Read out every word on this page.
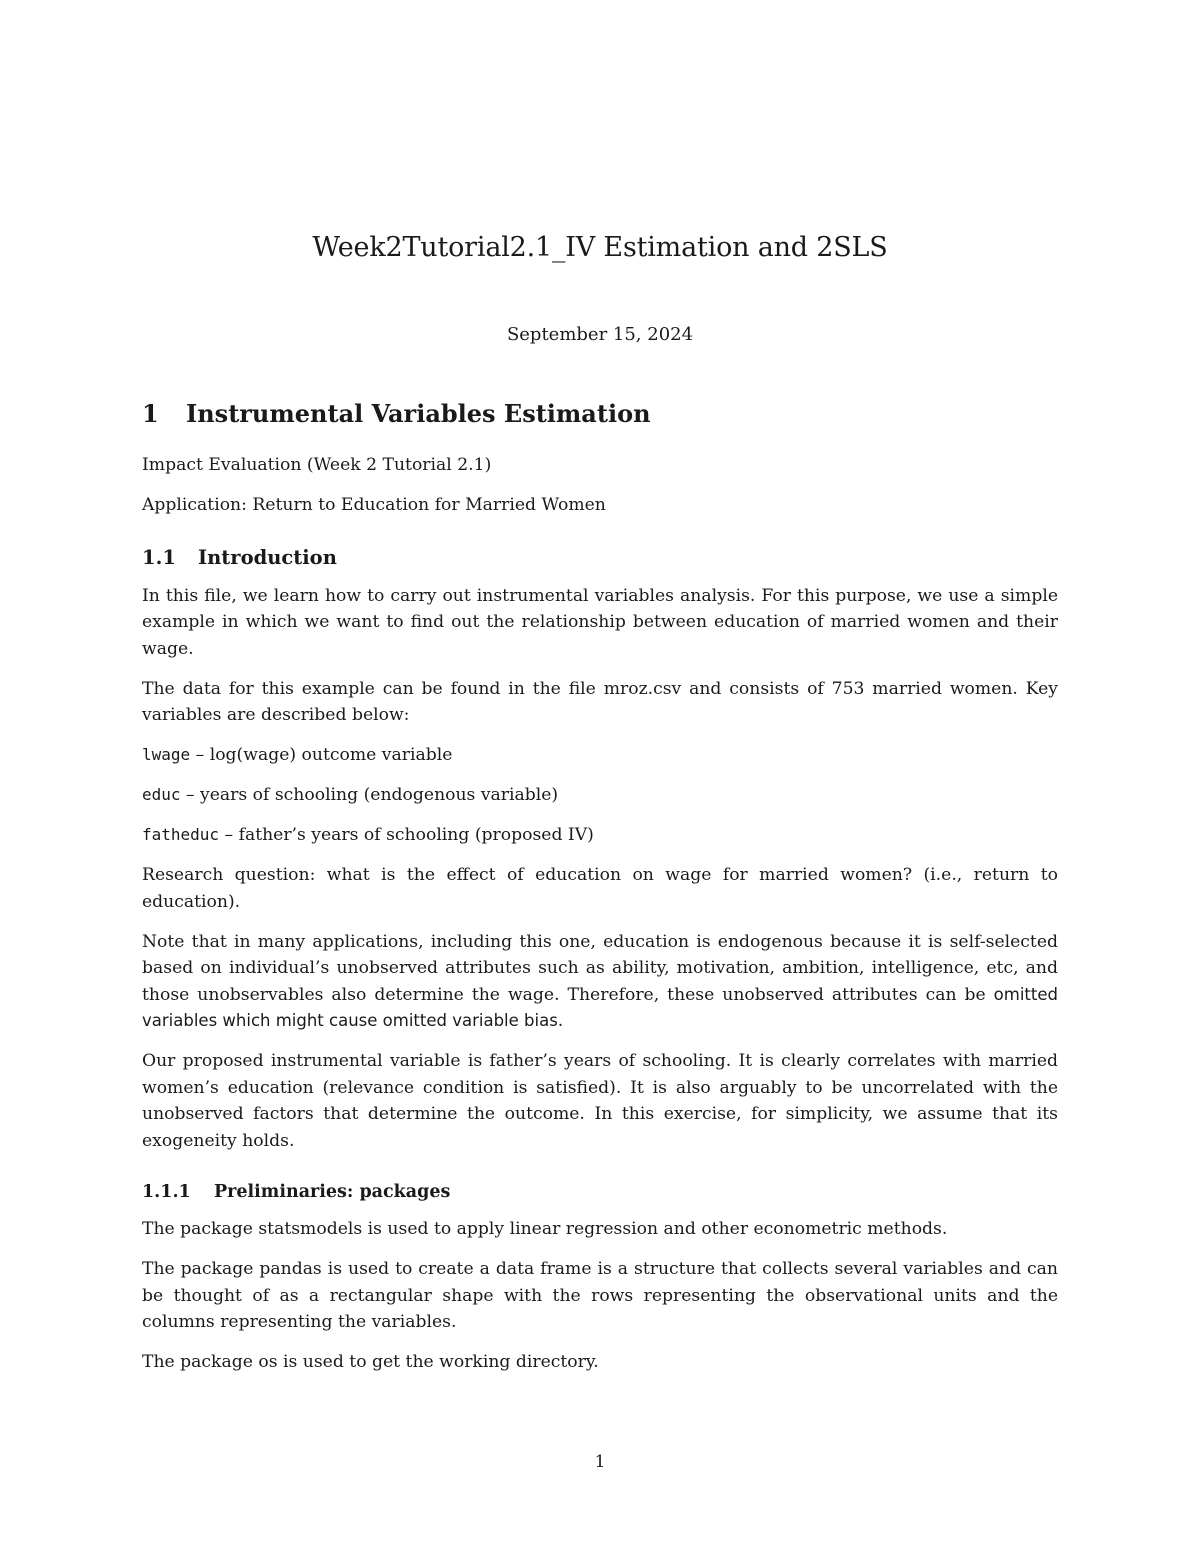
Week2Tutorial2.1_IV Estimation and 2SLS
September 15, 2024
1 Instrumental Variables Estimation

Impact Evaluation (Week 2 Tutorial 2.1)

Application: Return to Education for Married Women

1.1 Introduction

In this file, we learn how to carry out instrumental variables analysis. For this purpose, we use a simple example in which we want to find out the relationship between education of married women and their wage.

The data for this example can be found in the file mroz.csv and consists of 753 married women. Key variables are described below:

lwage – log(wage) outcome variable

educ – years of schooling (endogenous variable)

fatheduc – father’s years of schooling (proposed IV)

Research question: what is the effect of education on wage for married women? (i.e., return to education).

Note that in many applications, including this one, education is endogenous because it is self-selected based on individual’s unobserved attributes such as ability, motivation, ambition, intelligence, etc, and those unobservables also determine the wage. Therefore, these unobserved attributes can be omitted variables which might cause omitted variable bias.

Our proposed instrumental variable is father’s years of schooling. It is clearly correlates with married women’s education (relevance condition is satisfied). It is also arguably to be uncorrelated with the unobserved factors that determine the outcome. In this exercise, for simplicity, we assume that its exogeneity holds.

1.1.1 Preliminaries: packages

The package statsmodels is used to apply linear regression and other econometric methods.

The package pandas is used to create a data frame is a structure that collects several variables and can be thought of as a rectangular shape with the rows representing the observational units and the columns representing the variables.

The package os is used to get the working directory.

1
